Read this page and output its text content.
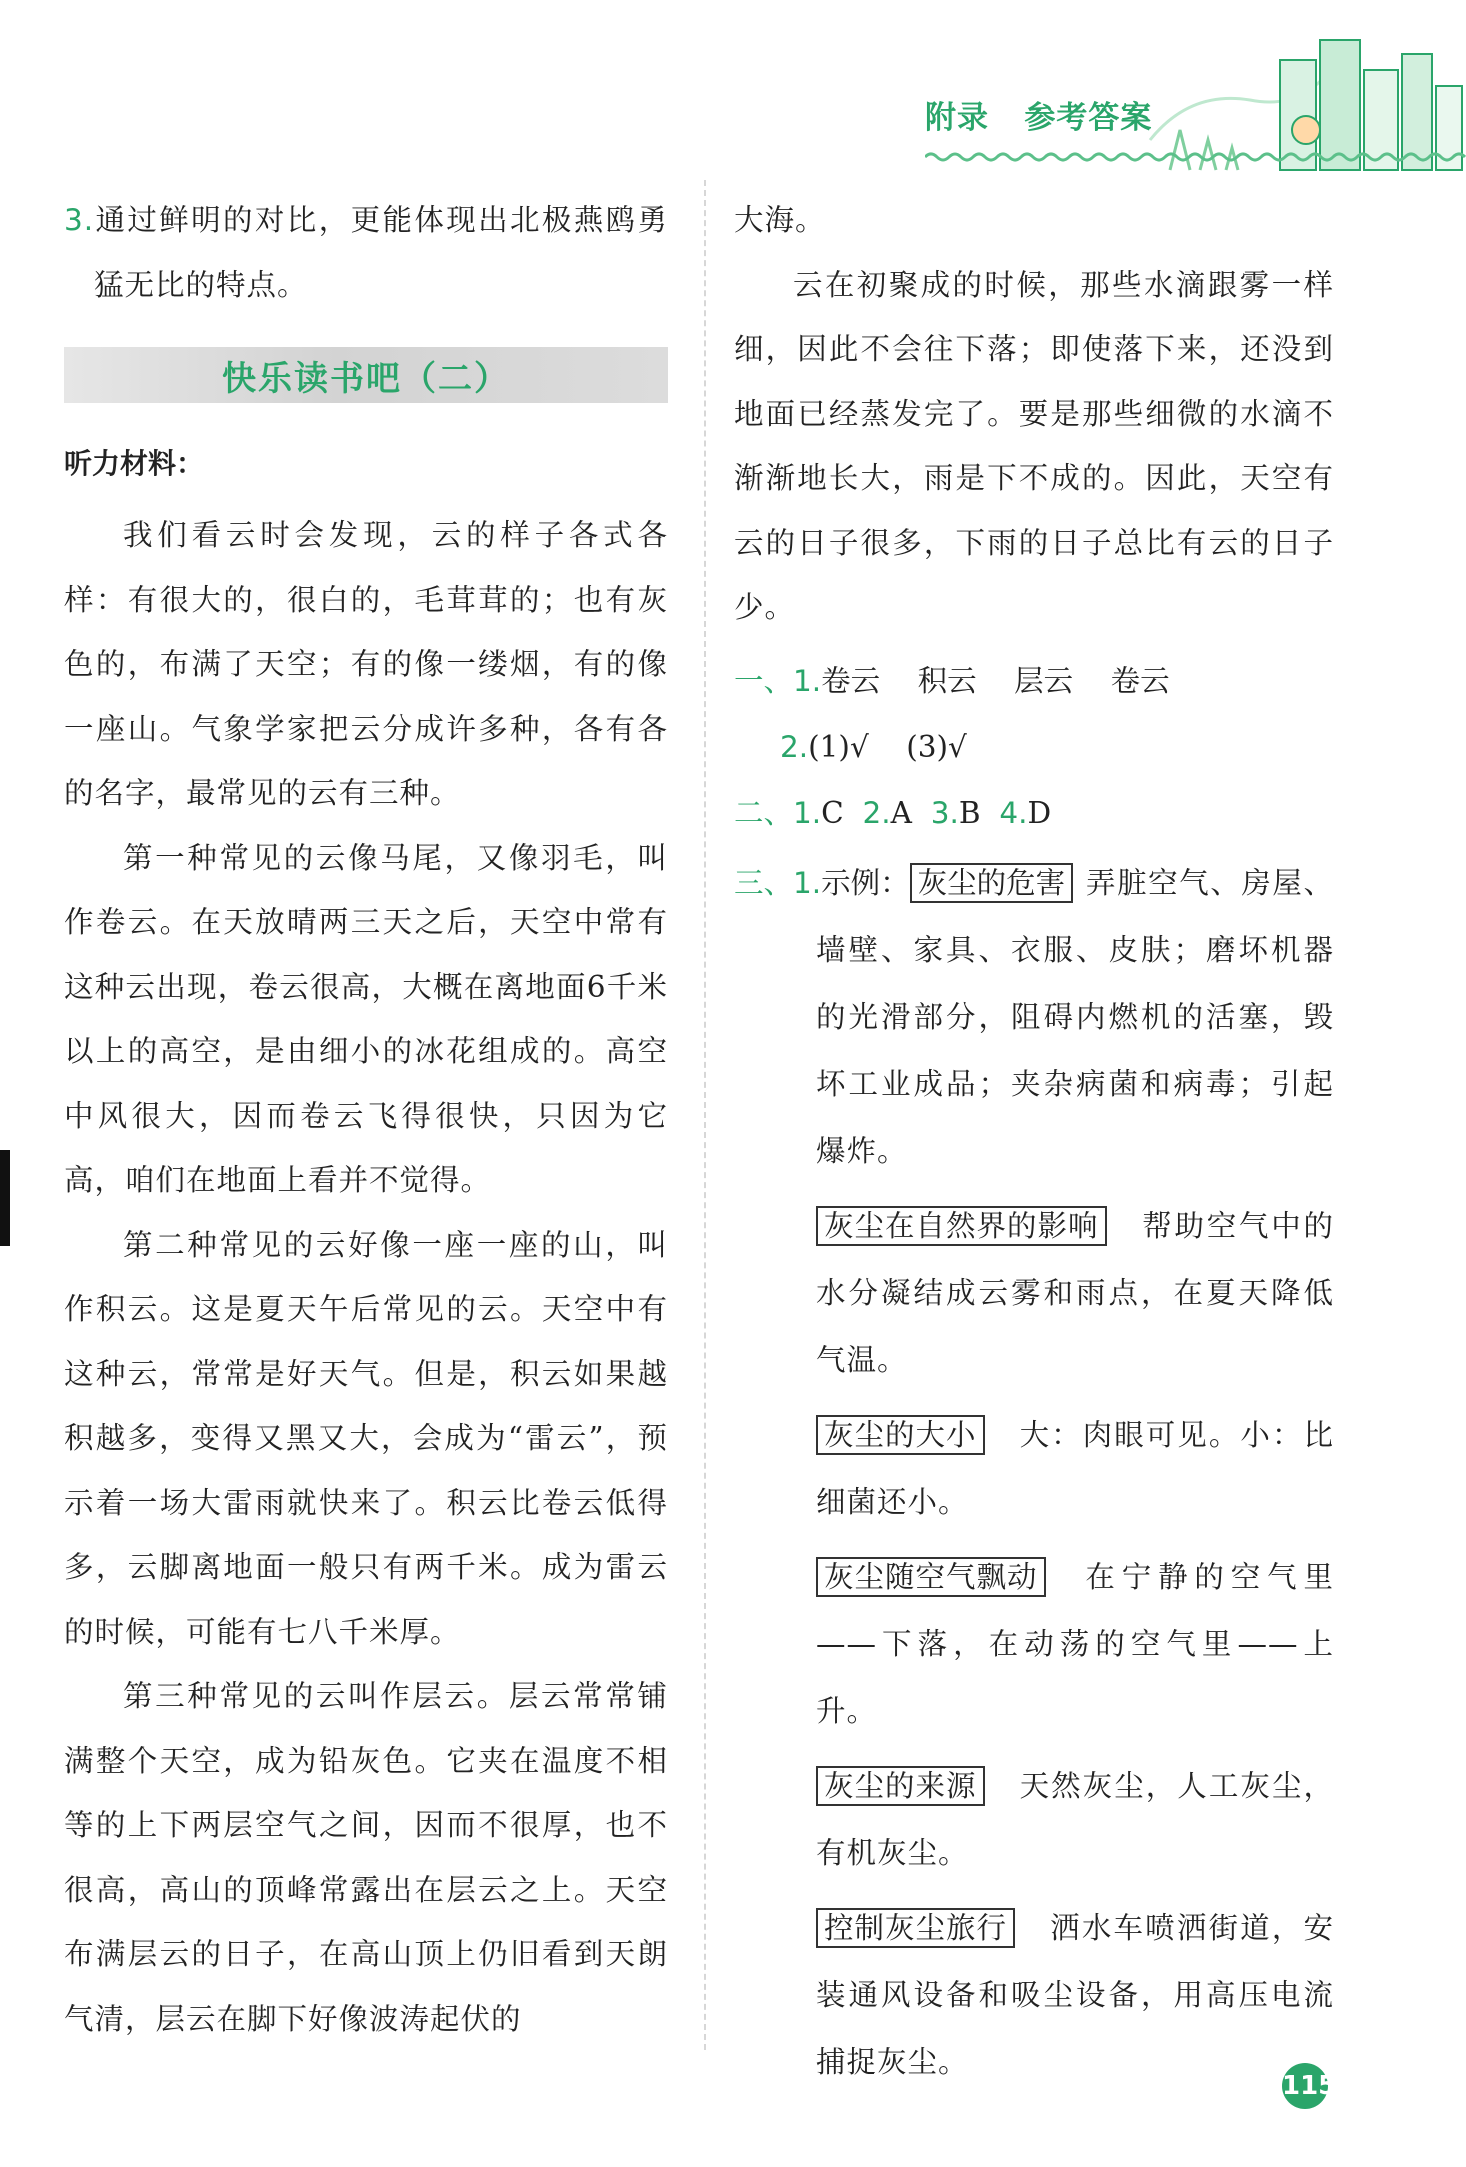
附录 参考答案

3.通过鲜明的对比，更能体现出北极燕鸥勇猛无比的特点。

快乐读书吧（二）

听力材料：

我们看云时会发现，云的样子各式各样：有很大的，很白的，毛茸茸的；也有灰色的，布满了天空；有的像一缕烟，有的像一座山。气象学家把云分成许多种，各有各的名字，最常见的云有三种。

第一种常见的云像马尾，又像羽毛，叫作卷云。在天放晴两三天之后，天空中常有这种云出现，卷云很高，大概在离地面6千米以上的高空，是由细小的冰花组成的。高空中风很大，因而卷云飞得很快，只因为它高，咱们在地面上看并不觉得。

第二种常见的云好像一座一座的山，叫作积云。这是夏天午后常见的云。天空中有这种云，常常是好天气。但是，积云如果越积越多，变得又黑又大，会成为“雷云”，预示着一场大雷雨就快来了。积云比卷云低得多，云脚离地面一般只有两千米。成为雷云的时候，可能有七八千米厚。

第三种常见的云叫作层云。层云常常铺满整个天空，成为铅灰色。它夹在温度不相等的上下两层空气之间，因而不很厚，也不很高，高山的顶峰常露出在层云之上。天空布满层云的日子，在高山顶上仍旧看到天朗气清，层云在脚下好像波涛起伏的

大海。

云在初聚成的时候，那些水滴跟雾一样细，因此不会往下落；即使落下来，还没到地面已经蒸发完了。要是那些细微的水滴不渐渐地长大，雨是下不成的。因此，天空有云的日子很多，下雨的日子总比有云的日子少。

一、1.卷云    积云    层云    卷云

2.(1)√    (3)√

二、1.C 2.A 3.B 4.D

三、1.示例： 灰尘的危害 弄脏空气、房屋、墙壁、家具、衣服、皮肤；磨坏机器的光滑部分，阻碍内燃机的活塞，毁坏工业成品；夹杂病菌和病毒；引起爆炸。

灰尘在自然界的影响 帮助空气中的水分凝结成云雾和雨点，在夏天降低气温。

灰尘的大小 大：肉眼可见。小：比细菌还小。

灰尘随空气飘动 在宁静的空气里——下落，在动荡的空气里——上升。

灰尘的来源 天然灰尘，人工灰尘，有机灰尘。

控制灰尘旅行 洒水车喷洒街道，安装通风设备和吸尘设备，用高压电流捕捉灰尘。

115
